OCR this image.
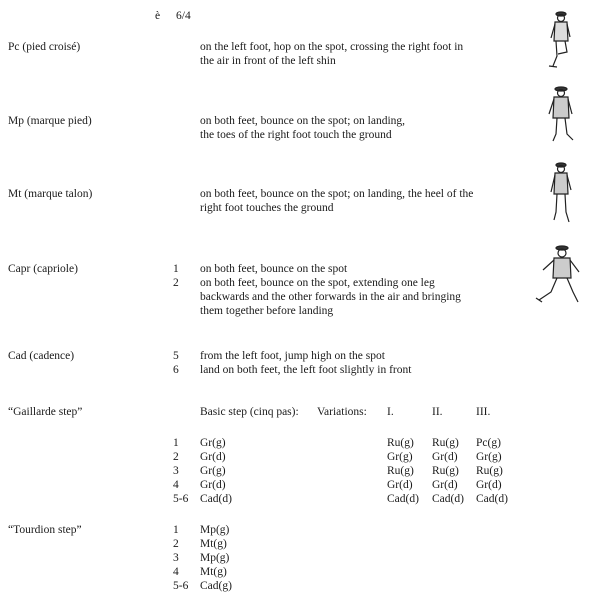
è 6/4
Pc (pied croisé)	on the left foot, hop on the spot, crossing the right foot in
the air in front of the left shin
Mp (marque pied)	on both feet, bounce on the spot; on landing,
the toes of the right foot touch the ground
Mt (marque talon)	on both feet, bounce on the spot; on landing, the heel of the
right foot touches the ground
Capr (capriole)	1 on both feet, bounce on the spot
2 on both feet, bounce on the spot, extending one leg
backwards and the other forwards in the air and bringing
them together before landing
Cad (cadence)	5 from the left foot, jump high on the spot
6 land on both feet, the left foot slightly in front
“Gaillarde step”	Basic step (cinq pas): Variations: I.	II.	III.
1 Gr(g)	Ru(g) Ru(g) Pc(g)
2 Gr(d)	Gr(g) Gr(d) Gr(g)
3 Gr(g)	Ru(g) Ru(g) Ru(g)
4 Gr(d)	Gr(d) Gr(d) Gr(d)
5-6 Cad(d)	Cad(d) Cad(d) Cad(d)
“Tourdion step”	1 Mp(g)
2 Mt(g)
3 Mp(g)
4 Mt(g)
5-6 Cad(g)
